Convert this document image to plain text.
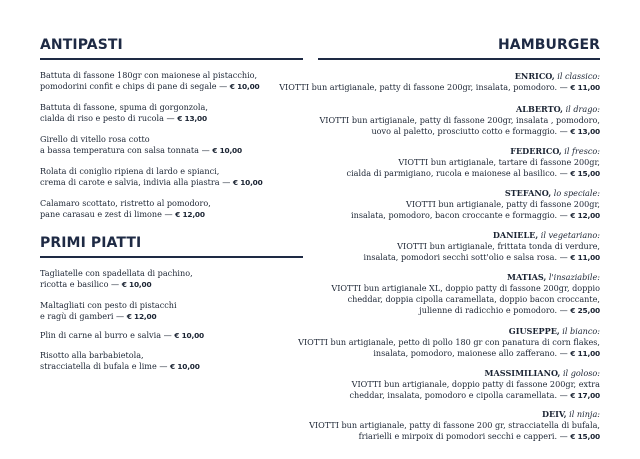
ANTIPASTI
Battuta di fassone 180gr con maionese al pistacchio,
pomodorini confit e chips di pane di segale — € 10,00
Battuta di fassone, spuma di gorgonzola,
cialda di riso e pesto di rucola — € 13,00
Girello di vitello rosa cotto
a bassa temperatura con salsa tonnata — € 10,00
Rolata di coniglio ripiena di lardo e spianci,
crema di carote e salvia, indivia alla piastra — € 10,00
Calamaro scottato, ristretto al pomodoro,
pane carasau e zest di limone — € 12,00
PRIMI PIATTI
Tagliatelle con spadellata di pachino,
ricotta e basilico — € 10,00
Maltagliati con pesto di pistacchi
e ragù di gamberi — € 12,00
Plin di carne al burro e salvia — € 10,00
Risotto alla barbabietola,
stracciatella di bufala e lime — € 10,00
HAMBURGER
ENRICO, il classico:
VIOTTI bun artigianale, patty di fassone 200gr, insalata, pomodoro. — € 11,00
ALBERTO, il drago:
VIOTTI bun artigianale, patty di fassone 200gr, insalata , pomodoro,
uovo al paletto, prosciutto cotto e formaggio. — € 13,00
FEDERICO, il fresco:
VIOTTI bun artigianale, tartare di fassone 200gr,
cialda di parmigiano, rucola e maionese al basilico. — € 15,00
STEFANO, lo speciale:
VIOTTI bun artigianale, patty di fassone 200gr,
insalata, pomodoro, bacon croccante e formaggio. — € 12,00
DANIELE, il vegetariano:
VIOTTI bun artigianale, frittata tonda di verdure,
insalata, pomodori secchi sott'olio e salsa rosa. — € 11,00
MATIAS, l'insaziabile:
VIOTTI bun artigianale XL, doppio patty di fassone 200gr, doppio
cheddar, doppia cipolla caramellata, doppio bacon croccante,
julienne di radicchio e pomodoro. — € 25,00
GIUSEPPE, il bianco:
VIOTTI bun artigianale, petto di pollo 180 gr con panatura di corn flakes,
insalata, pomodoro, maionese allo zafferano. — € 11,00
MASSIMILIANO, il goloso:
VIOTTI bun artigianale, doppio patty di fassone 200gr, extra
cheddar, insalata, pomodoro e cipolla caramellata. — € 17,00
DEIV, il ninja:
VIOTTI bun artigianale, patty di fassone 200 gr, stracciatella di bufala,
friarielli e mirpoix di pomodori secchi e capperi. — € 15,00
